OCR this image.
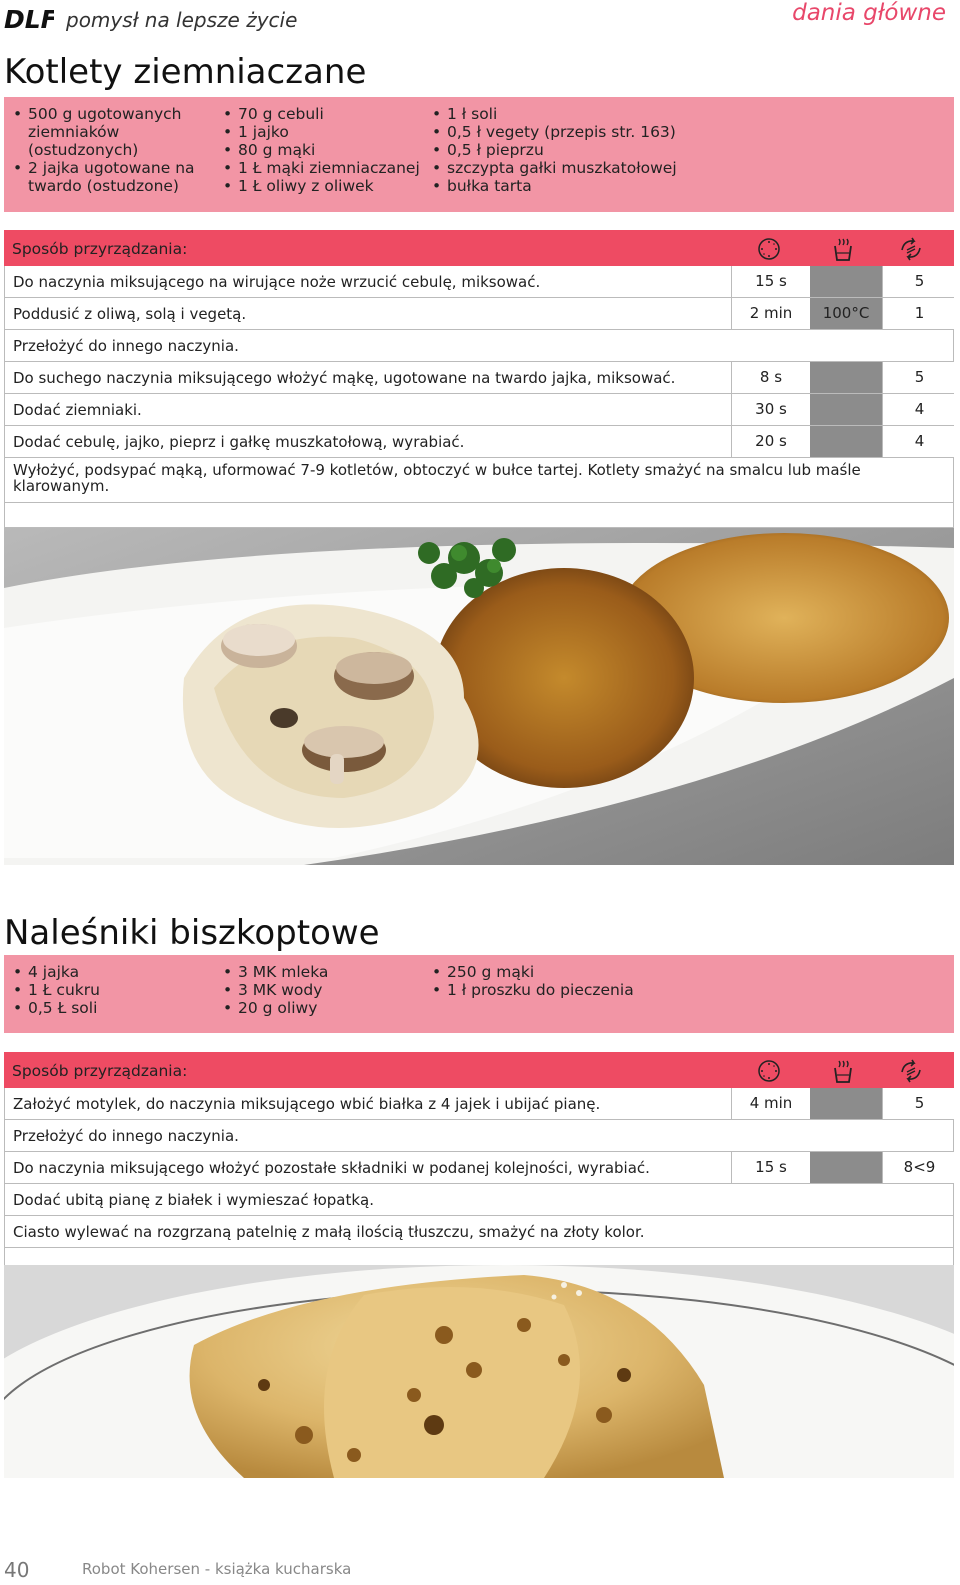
DLF pomysł na lepsze życie	dania główne
Kotlety ziemniaczane
• 500 g ugotowanych ziemniaków (ostudzonych)
• 2 jajka ugotowane na twardo (ostudzone)
• 70 g cebuli
• 1 jajko
• 80 g mąki
• 1 Ł mąki ziemniaczanej
• 1 Ł oliwy z oliwek
• 1 ł soli
• 0,5 ł vegety (przepis str. 163)
• 0,5 ł pieprzu
• szczypta gałki muszkatołowej
• bułka tarta
Sposób przyrządzania:
Do naczynia miksującego na wirujące noże wrzucić cebulę, miksować.	15 s	5
Poddusić z oliwą, solą i vegetą.	2 min	100°C	1
Przełożyć do innego naczynia.
Do suchego naczynia miksującego włożyć mąkę, ugotowane na twardo jajka, miksować.	8 s	5
Dodać ziemniaki.	30 s	4
Dodać cebulę, jajko, pieprz i gałkę muszkatołową, wyrabiać.	20 s	4
Wyłożyć, podsypać mąką, uformować 7-9 kotletów, obtoczyć w bułce tartej. Kotlety smażyć na smalcu lub maśle klarowanym.
Naleśniki biszkoptowe
• 4 jajka
• 1 Ł cukru
• 0,5 Ł soli
• 3 MK mleka
• 3 MK wody
• 20 g oliwy
• 250 g mąki
• 1 ł proszku do pieczenia
Sposób przyrządzania:
Założyć motylek, do naczynia miksującego wbić białka z 4 jajek i ubijać pianę.	4 min	5
Przełożyć do innego naczynia.
Do naczynia miksującego włożyć pozostałe składniki w podanej kolejności, wyrabiać.	15 s	8<9
Dodać ubitą pianę z białek i wymieszać łopatką.
Ciasto wylewać na rozgrzaną patelnię z małą ilością tłuszczu, smażyć na złoty kolor.
40	Robot Kohersen - książka kucharska
